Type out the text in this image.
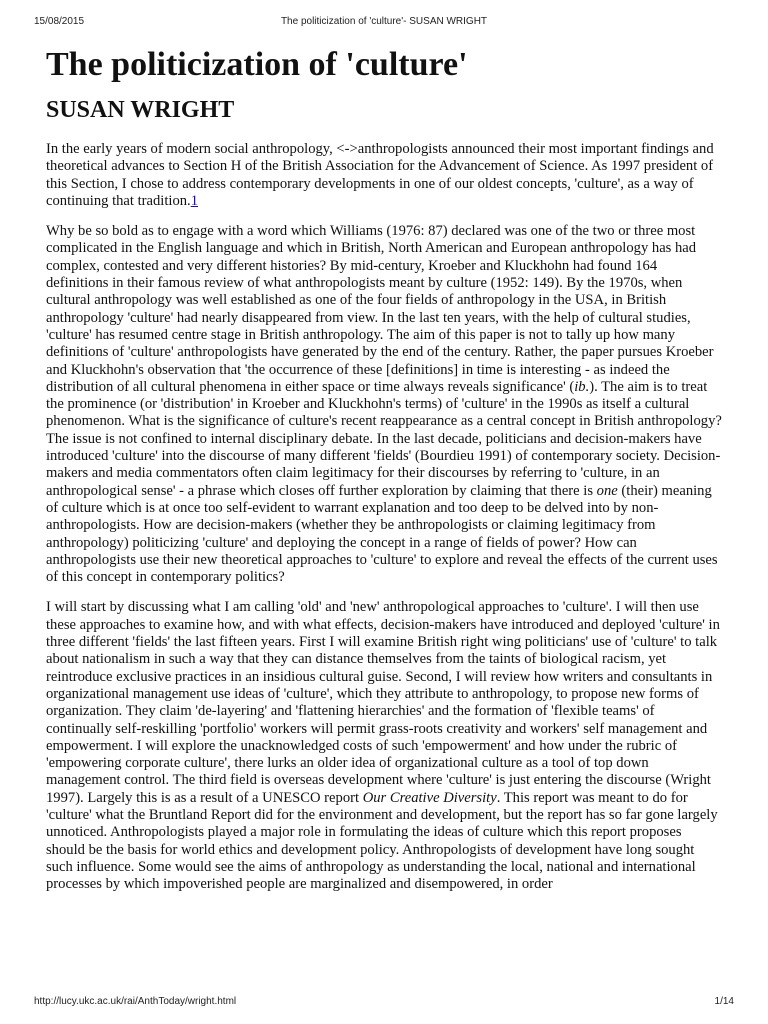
15/08/2015	The politicization of 'culture'- SUSAN WRIGHT
The politicization of 'culture'
SUSAN WRIGHT

In the early years of modern social anthropology, <->anthropologists announced their most important findings and theoretical advances to Section H of the British Association for the Advancement of Science. As 1997 president of this Section, I chose to address contemporary developments in one of our oldest concepts, 'culture', as a way of continuing that tradition.1

Why be so bold as to engage with a word which Williams (1976: 87) declared was one of the two or three most complicated in the English language and which in British, North American and European anthropology has had complex, contested and very different histories? By mid-century, Kroeber and Kluckhohn had found 164 definitions in their famous review of what anthropologists meant by culture (1952: 149). By the 1970s, when cultural anthropology was well established as one of the four fields of anthropology in the USA, in British anthropology 'culture' had nearly disappeared from view. In the last ten years, with the help of cultural studies, 'culture' has resumed centre stage in British anthropology. The aim of this paper is not to tally up how many definitions of 'culture' anthropologists have generated by the end of the century. Rather, the paper pursues Kroeber and Kluckhohn's observation that 'the occurrence of these [definitions] in time is interesting - as indeed the distribution of all cultural phenomena in either space or time always reveals significance' (ib.). The aim is to treat the prominence (or 'distribution' in Kroeber and Kluckhohn's terms) of 'culture' in the 1990s as itself a cultural phenomenon. What is the significance of culture's recent reappearance as a central concept in British anthropology? The issue is not confined to internal disciplinary debate. In the last decade, politicians and decision-makers have introduced 'culture' into the discourse of many different 'fields' (Bourdieu 1991) of contemporary society. Decision-makers and media commentators often claim legitimacy for their discourses by referring to 'culture, in an anthropological sense' - a phrase which closes off further exploration by claiming that there is one (their) meaning of culture which is at once too self-evident to warrant explanation and too deep to be delved into by non-anthropologists. How are decision-makers (whether they be anthropologists or claiming legitimacy from anthropology) politicizing 'culture' and deploying the concept in a range of fields of power? How can anthropologists use their new theoretical approaches to 'culture' to explore and reveal the effects of the current uses of this concept in contemporary politics?

I will start by discussing what I am calling 'old' and 'new' anthropological approaches to 'culture'. I will then use these approaches to examine how, and with what effects, decision-makers have introduced and deployed 'culture' in three different 'fields' the last fifteen years. First I will examine British right wing politicians' use of 'culture' to talk about nationalism in such a way that they can distance themselves from the taints of biological racism, yet reintroduce exclusive practices in an insidious cultural guise. Second, I will review how writers and consultants in organizational management use ideas of 'culture', which they attribute to anthropology, to propose new forms of organization. They claim 'de-layering' and 'flattening hierarchies' and the formation of 'flexible teams' of continually self-reskilling 'portfolio' workers will permit grass-roots creativity and workers' self management and empowerment. I will explore the unacknowledged costs of such 'empowerment' and how under the rubric of 'empowering corporate culture', there lurks an older idea of organizational culture as a tool of top down management control. The third field is overseas development where 'culture' is just entering the discourse (Wright 1997). Largely this is as a result of a UNESCO report Our Creative Diversity. This report was meant to do for 'culture' what the Bruntland Report did for the environment and development, but the report has so far gone largely unnoticed. Anthropologists played a major role in formulating the ideas of culture which this report proposes should be the basis for world ethics and development policy. Anthropologists of development have long sought such influence. Some would see the aims of anthropology as understanding the local, national and international processes by which impoverished people are marginalized and disempowered, in order

http://lucy.ukc.ac.uk/rai/AnthToday/wright.html	1/14
